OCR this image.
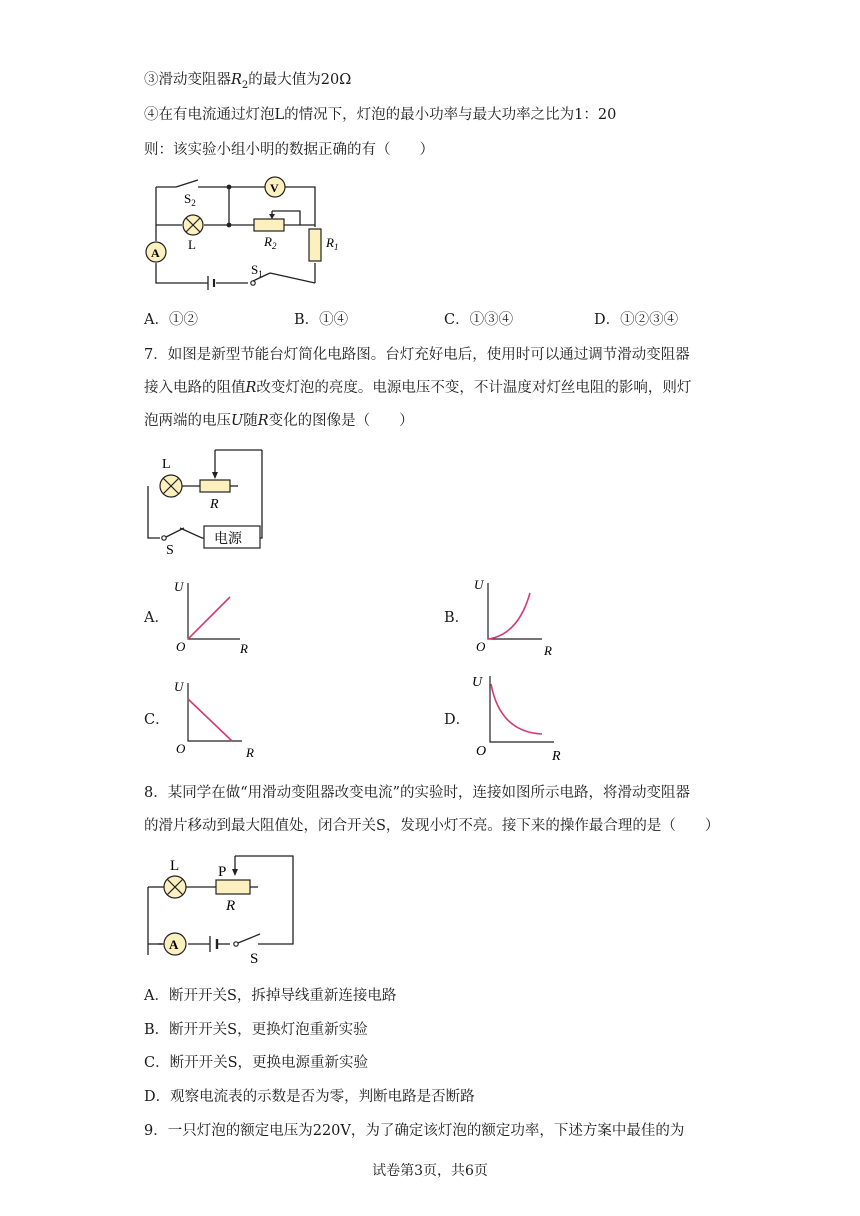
③滑动变阻器$R_2$的最大值为20Ω
④在有电流通过灯泡L的情况下，灯泡的最小功率与最大功率之比为1：20
则：该实验小组小明的数据正确的有（　　）
$S_2$
V
L	$R_2$	$R_1$
A
$S_1$
A．①②	B．①④	C．①③④	D．①②③④
7．如图是新型节能台灯简化电路图。台灯充好电后，使用时可以通过调节滑动变阻器
接入电路的阻值R改变灯泡的亮度。电源电压不变，不计温度对灯丝电阻的影响，则灯
泡两端的电压U随R变化的图像是（　　）
L
R
S
电源
A．
U
O	R
B．
U
O	R
C．
U
O	R
D．
U
O	R
8．某同学在做“用滑动变阻器改变电流”的实验时，连接如图所示电路，将滑动变阻器
的滑片移动到最大阻值处，闭合开关S，发现小灯不亮。接下来的操作最合理的是（　　）
L	P
R
A
S
A．断开开关S，拆掉导线重新连接电路
B．断开开关S，更换灯泡重新实验
C．断开开关S，更换电源重新实验
D．观察电流表的示数是否为零，判断电路是否断路
9．一只灯泡的额定电压为220V，为了确定该灯泡的额定功率，下述方案中最佳的为
试卷第3页，共6页
